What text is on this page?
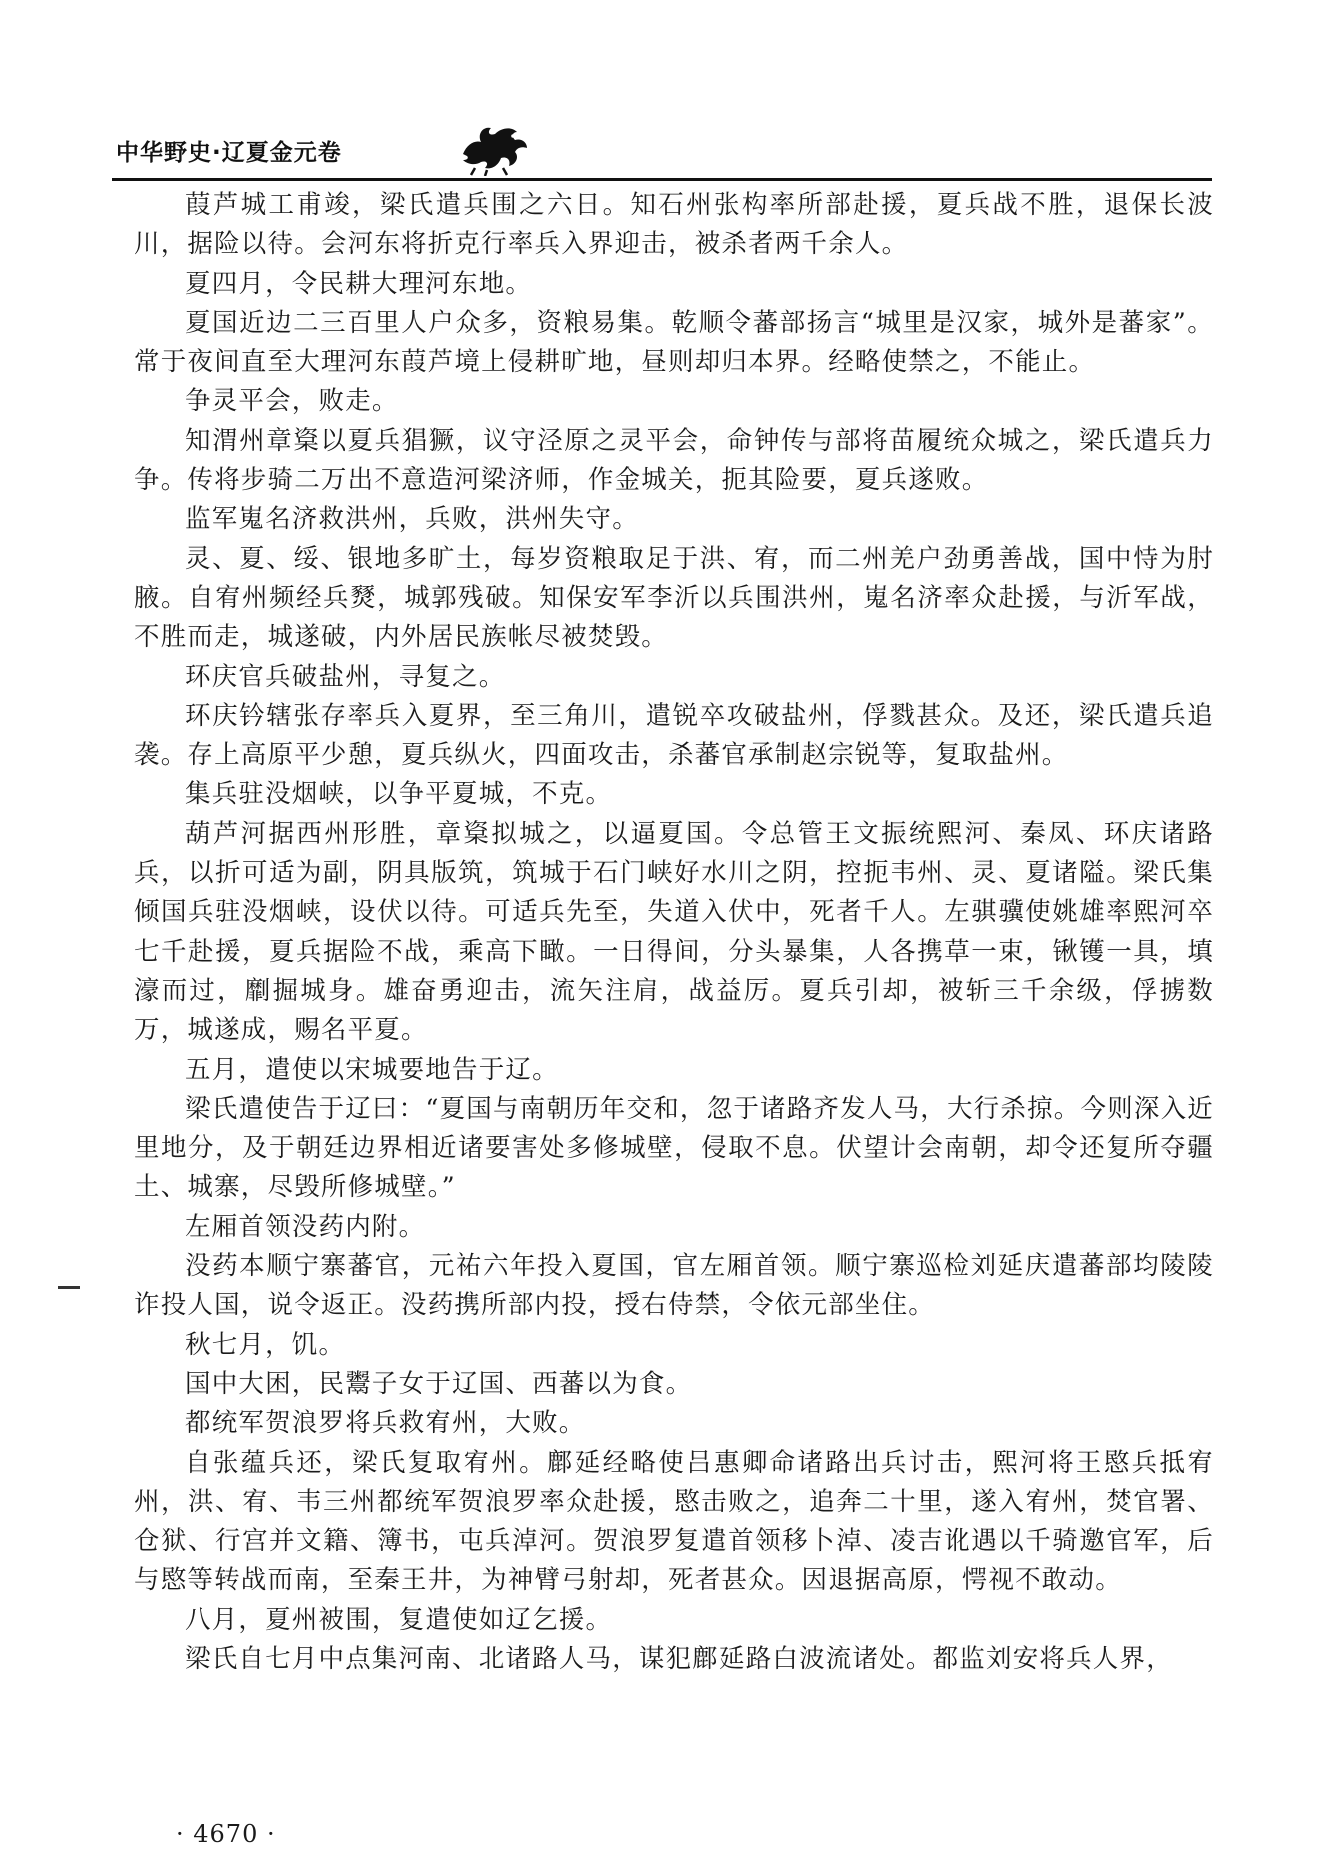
中华野史·辽夏金元卷

葭芦城工甫竣，梁氏遣兵围之六日。知石州张构率所部赴援，夏兵战不胜，退保长波川，据险以待。会河东将折克行率兵入界迎击，被杀者两千余人。

夏四月，令民耕大理河东地。

夏国近边二三百里人户众多，资粮易集。乾顺令蕃部扬言“城里是汉家，城外是蕃家”。常于夜间直至大理河东葭芦境上侵耕旷地，昼则却归本界。经略使禁之，不能止。

争灵平会，败走。

知渭州章楶以夏兵猖獗，议守泾原之灵平会，命钟传与部将苗履统众城之，梁氏遣兵力争。传将步骑二万出不意造河梁济师，作金城关，扼其险要，夏兵遂败。

监军嵬名济救洪州，兵败，洪州失守。

灵、夏、绥、银地多旷土，每岁资粮取足于洪、宥，而二州羌户劲勇善战，国中恃为肘腋。自宥州频经兵燹，城郭残破。知保安军李沂以兵围洪州，嵬名济率众赴援，与沂军战，不胜而走，城遂破，内外居民族帐尽被焚毁。

环庆官兵破盐州，寻复之。

环庆钤辖张存率兵入夏界，至三角川，遣锐卒攻破盐州，俘戮甚众。及还，梁氏遣兵追袭。存上高原平少憩，夏兵纵火，四面攻击，杀蕃官承制赵宗锐等，复取盐州。

集兵驻没烟峡，以争平夏城，不克。

葫芦河据西州形胜，章楶拟城之，以逼夏国。令总管王文振统熙河、秦凤、环庆诸路兵，以折可适为副，阴具版筑，筑城于石门峡好水川之阴，控扼韦州、灵、夏诸隘。梁氏集倾国兵驻没烟峡，设伏以待。可适兵先至，失道入伏中，死者千人。左骐骥使姚雄率熙河卒七千赴援，夏兵据险不战，乘高下瞰。一日得间，分头暴集，人各携草一束，锹镬一具，填濠而过，劘掘城身。雄奋勇迎击，流矢注肩，战益厉。夏兵引却，被斩三千余级，俘掳数万，城遂成，赐名平夏。

五月，遣使以宋城要地告于辽。

梁氏遣使告于辽曰：“夏国与南朝历年交和，忽于诸路齐发人马，大行杀掠。今则深入近里地分，及于朝廷边界相近诸要害处多修城壁，侵取不息。伏望计会南朝，却令还复所夺疆土、城寨，尽毁所修城壁。”

左厢首领没药内附。

没药本顺宁寨蕃官，元祐六年投入夏国，官左厢首领。顺宁寨巡检刘延庆遣蕃部均陵陵诈投人国，说令返正。没药携所部内投，授右侍禁，令依元部坐住。

秋七月，饥。

国中大困，民鬻子女于辽国、西蕃以为食。

都统军贺浪罗将兵救宥州，大败。

自张蕴兵还，梁氏复取宥州。鄜延经略使吕惠卿命诸路出兵讨击，熙河将王愍兵抵宥州，洪、宥、韦三州都统军贺浪罗率众赴援，愍击败之，追奔二十里，遂入宥州，焚官署、仓狱、行宫并文籍、簿书，屯兵淖河。贺浪罗复遣首领移卜淖、凌吉讹遇以千骑邀官军，后与愍等转战而南，至秦王井，为神臂弓射却，死者甚众。因退据高原，愕视不敢动。

八月，夏州被围，复遣使如辽乞援。

梁氏自七月中点集河南、北诸路人马，谋犯鄜延路白波流诸处。都监刘安将兵人界，

· 4670 ·
